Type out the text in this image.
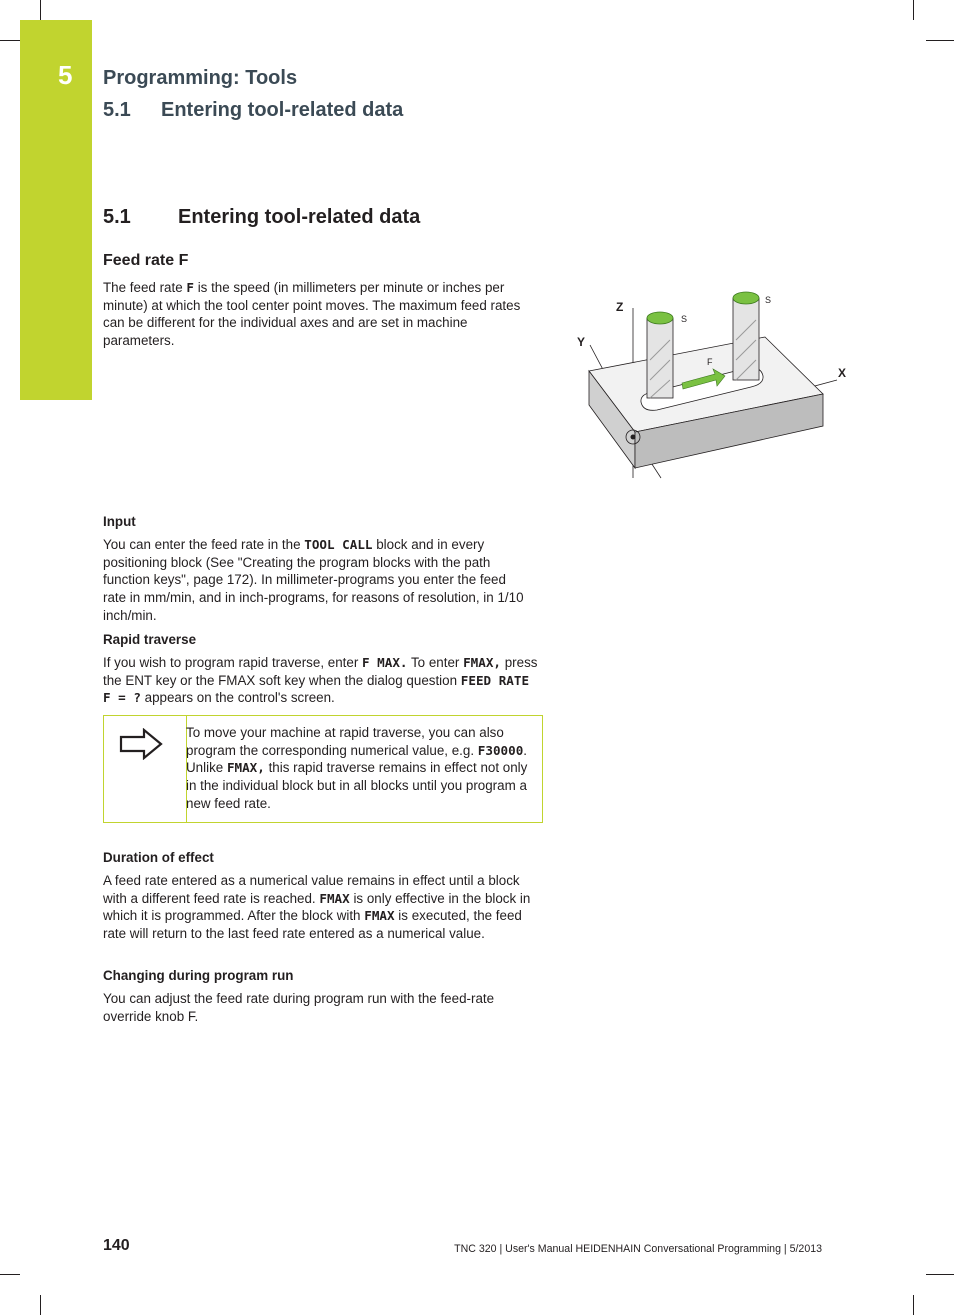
5 Programming: Tools
5.1 Entering tool-related data
5.1 Entering tool-related data
Feed rate F
The feed rate F is the speed (in millimeters per minute or inches per minute) at which the tool center point moves. The maximum feed rates can be different for the individual axes and are set in machine parameters.
Z
Y
X
S
S
F
Input
You can enter the feed rate in the TOOL CALL block and in every positioning block (See "Creating the program blocks with the path function keys", page 172). In millimeter-programs you enter the feed rate in mm/min, and in inch-programs, for reasons of resolution, in 1/10 inch/min.
Rapid traverse
If you wish to program rapid traverse, enter F MAX. To enter FMAX, press the ENT key or the FMAX soft key when the dialog question FEED RATE F = ? appears on the control's screen.
To move your machine at rapid traverse, you can also program the corresponding numerical value, e.g. F30000. Unlike FMAX, this rapid traverse remains in effect not only in the individual block but in all blocks until you program a new feed rate.
Duration of effect
A feed rate entered as a numerical value remains in effect until a block with a different feed rate is reached. FMAX is only effective in the block in which it is programmed. After the block with FMAX is executed, the feed rate will return to the last feed rate entered as a numerical value.
Changing during program run
You can adjust the feed rate during program run with the feed-rate override knob F.
140	TNC 320 | User's Manual HEIDENHAIN Conversational Programming | 5/2013
